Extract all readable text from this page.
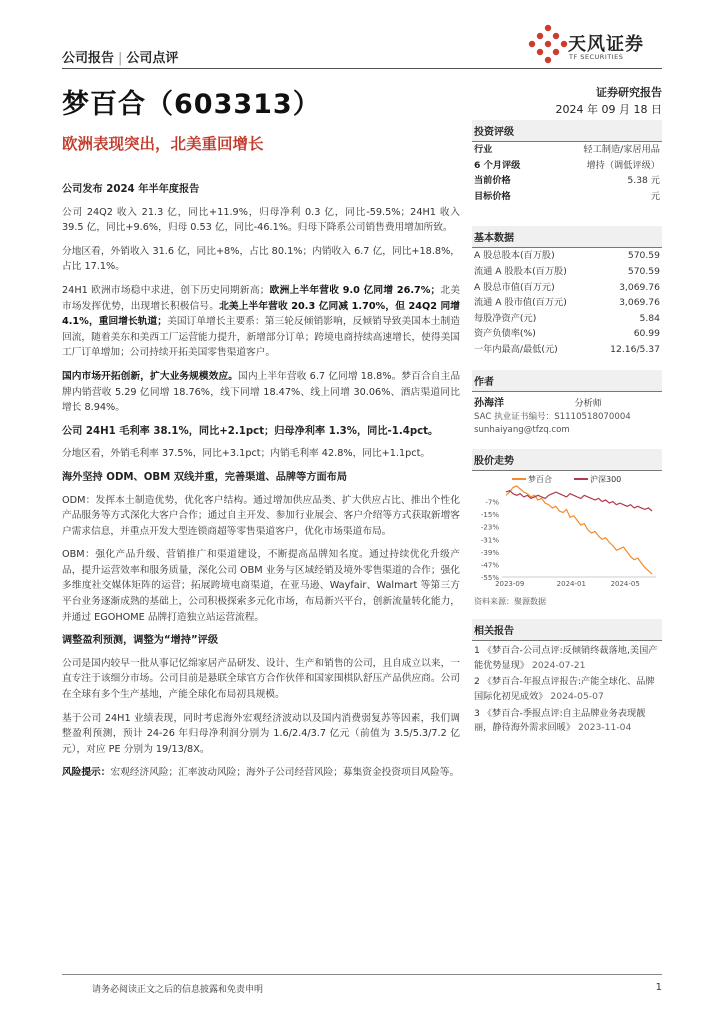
公司报告 | 公司点评
天风证券
TF SECURITIES
梦百合（603313）	证券研究报告
2024 年 09 月 18 日
欧洲表现突出，北美重回增长
公司发布 2024 年半年度报告
公司 24Q2 收入 21.3 亿，同比+11.9%，归母净利 0.3 亿，同比-59.5%；24H1 收入 39.5 亿，同比+9.6%，归母 0.53 亿，同比-46.1%。归母下降系公司销售费用增加所致。
分地区看，外销收入 31.6 亿，同比+8%，占比 80.1%；内销收入 6.7 亿，同比+18.8%，占比 17.1%。
24H1 欧洲市场稳中求进，创下历史同期新高；欧洲上半年营收 9.0 亿同增 26.7%；北美市场发挥优势，出现增长积极信号。北美上半年营收 20.3 亿同减 1.70%，但 24Q2 同增 4.1%，重回增长轨道；美国订单增长主要系：第三轮反倾销影响，反倾销导致美国本土制造回流，随着美东和美西工厂运营能力提升，新增部分订单；跨境电商持续高速增长，使得美国工厂订单增加；公司持续开拓美国零售渠道客户。
国内市场开拓创新，扩大业务规模效应。国内上半年营收 6.7 亿同增 18.8%。梦百合自主品牌内销营收 5.29 亿同增 18.76%，线下同增 18.47%、线上同增 30.06%、酒店渠道同比增长 8.94%。
公司 24H1 毛利率 38.1%，同比+2.1pct；归母净利率 1.3%，同比-1.4pct。
分地区看，外销毛利率 37.5%，同比+3.1pct；内销毛利率 42.8%，同比+1.1pct。
海外坚持 ODM、OBM 双线并重，完善渠道、品牌等方面布局
ODM：发挥本土制造优势，优化客户结构。通过增加供应品类、扩大供应占比、推出个性化产品服务等方式深化大客户合作；通过自主开发、参加行业展会、客户介绍等方式获取新增客户需求信息，并重点开发大型连锁商超等零售渠道客户，优化市场渠道布局。
OBM：强化产品升级、营销推广和渠道建设，不断提高品牌知名度。通过持续优化升级产品，提升运营效率和服务质量，深化公司 OBM 业务与区域经销及境外零售渠道的合作；强化多维度社交媒体矩阵的运营；拓展跨境电商渠道，在亚马逊、Wayfair、Walmart 等第三方平台业务逐渐成熟的基础上，公司积极探索多元化市场，布局新兴平台，创新流量转化能力，并通过 EGOHOME 品牌打造独立站运营流程。
调整盈利预测，调整为“增持”评级
公司是国内较早一批从事记忆绵家居产品研发、设计、生产和销售的公司，且自成立以来，一直专注于该细分市场。公司目前是悬联全球官方合作伙伴和国家围棋队舒压产品供应商。公司在全球有多个生产基地，产能全球化布局初具规模。
基于公司 24H1 业绩表现，同时考虑海外宏观经济波动以及国内消费弱复苏等因素，我们调整盈利预测，预计 24-26 年归母净利润分别为 1.6/2.4/3.7 亿元（前值为 3.5/5.3/7.2 亿元），对应 PE 分别为 19/13/8X。
风险提示：宏观经济风险；汇率波动风险；海外子公司经营风险；募集资金投资项目风险等。
投资评级
行业	轻工制造/家居用品
6 个月评级	增持（调低评级）
当前价格	5.38 元
目标价格	元
基本数据
A 股总股本(百万股)	570.59
流通 A 股股本(百万股)	570.59
A 股总市值(百万元)	3,069.76
流通 A 股市值(百万元)	3,069.76
每股净资产(元)	5.84
资产负债率(%)	60.99
一年内最高/最低(元)	12.16/5.37
作者
孙海洋	分析师
SAC 执业证书编号：S1110518070004
sunhaiyang@tfzq.com
股价走势
梦百合	沪深300
-7%
-15%
-23%
-31%
-39%
-47%
-55%
2023-09	2024-01	2024-05
资料来源：聚源数据
相关报告
1 《梦百合-公司点评:反倾销终裁落地,美国产能优势显现》 2024-07-21
2 《梦百合-年报点评报告:产能全球化、品牌国际化初见成效》 2024-05-07
3 《梦百合-季报点评:自主品牌业务表现靓丽，静待海外需求回暖》 2023-11-04
请务必阅读正文之后的信息披露和免责申明	1
